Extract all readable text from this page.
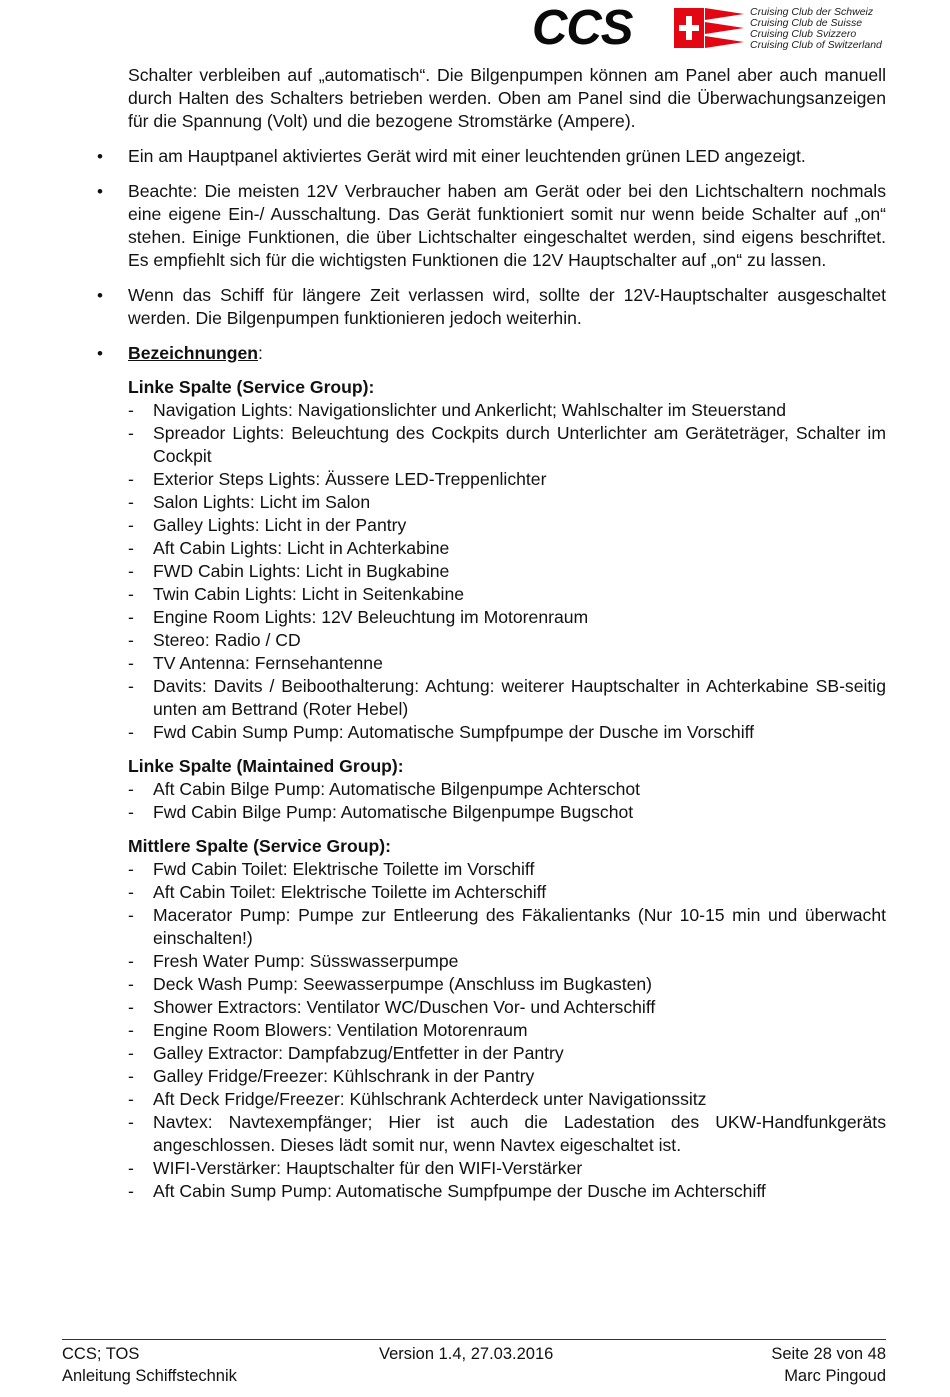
CCS	Cruising Club der Schweiz
Cruising Club de Suisse
Cruising Club Svizzero
Cruising Club of Switzerland

Schalter verbleiben auf „automatisch“. Die Bilgenpumpen können am Panel aber auch manuell durch Halten des Schalters betrieben werden. Oben am Panel sind die Überwachungsanzeigen für die Spannung (Volt) und die bezogene Stromstärke (Ampere).

• Ein am Hauptpanel aktiviertes Gerät wird mit einer leuchtenden grünen LED angezeigt.
• Beachte: Die meisten 12V Verbraucher haben am Gerät oder bei den Lichtschaltern nochmals eine eigene Ein-/ Ausschaltung. Das Gerät funktioniert somit nur wenn beide Schalter auf „on“ stehen. Einige Funktionen, die über Lichtschalter eingeschaltet werden, sind eigens beschriftet. Es empfiehlt sich für die wichtigsten Funktionen die 12V Hauptschalter auf „on“ zu lassen.
• Wenn das Schiff für längere Zeit verlassen wird, sollte der 12V-Hauptschalter ausgeschaltet werden. Die Bilgenpumpen funktionieren jedoch weiterhin.
• Bezeichnungen:
Linke Spalte (Service Group):
- Navigation Lights: Navigationslichter und Ankerlicht; Wahlschalter im Steuerstand
- Spreador Lights: Beleuchtung des Cockpits durch Unterlichter am Geräteträger, Schalter im Cockpit
- Exterior Steps Lights: Äussere LED-Treppenlichter
- Salon Lights: Licht im Salon
- Galley Lights: Licht in der Pantry
- Aft Cabin Lights: Licht in Achterkabine
- FWD Cabin Lights: Licht in Bugkabine
- Twin Cabin Lights: Licht in Seitenkabine
- Engine Room Lights: 12V Beleuchtung im Motorenraum
- Stereo: Radio / CD
- TV Antenna: Fernsehantenne
- Davits: Davits / Beiboothalterung: Achtung: weiterer Hauptschalter in Achterkabine SB-seitig unten am Bettrand (Roter Hebel)
- Fwd Cabin Sump Pump: Automatische Sumpfpumpe der Dusche im Vorschiff
Linke Spalte (Maintained Group):
- Aft Cabin Bilge Pump: Automatische Bilgenpumpe Achterschot
- Fwd Cabin Bilge Pump: Automatische Bilgenpumpe Bugschot
Mittlere Spalte (Service Group):
- Fwd Cabin Toilet: Elektrische Toilette im Vorschiff
- Aft Cabin Toilet: Elektrische Toilette im Achterschiff
- Macerator Pump: Pumpe zur Entleerung des Fäkalientanks (Nur 10-15 min und überwacht einschalten!)
- Fresh Water Pump: Süsswasserpumpe
- Deck Wash Pump: Seewasserpumpe (Anschluss im Bugkasten)
- Shower Extractors: Ventilator WC/Duschen Vor- und Achterschiff
- Engine Room Blowers: Ventilation Motorenraum
- Galley Extractor: Dampfabzug/Entfetter in der Pantry
- Galley Fridge/Freezer: Kühlschrank in der Pantry
- Aft Deck Fridge/Freezer: Kühlschrank Achterdeck unter Navigationssitz
- Navtex: Navtexempfänger; Hier ist auch die Ladestation des UKW-Handfunkgeräts angeschlossen. Dieses lädt somit nur, wenn Navtex eigeschaltet ist.
- WIFI-Verstärker: Hauptschalter für den WIFI-Verstärker
- Aft Cabin Sump Pump: Automatische Sumpfpumpe der Dusche im Achterschiff
CCS; TOS	Version 1.4, 27.03.2016	Seite 28 von 48
Anleitung Schiffstechnik	Marc Pingoud
